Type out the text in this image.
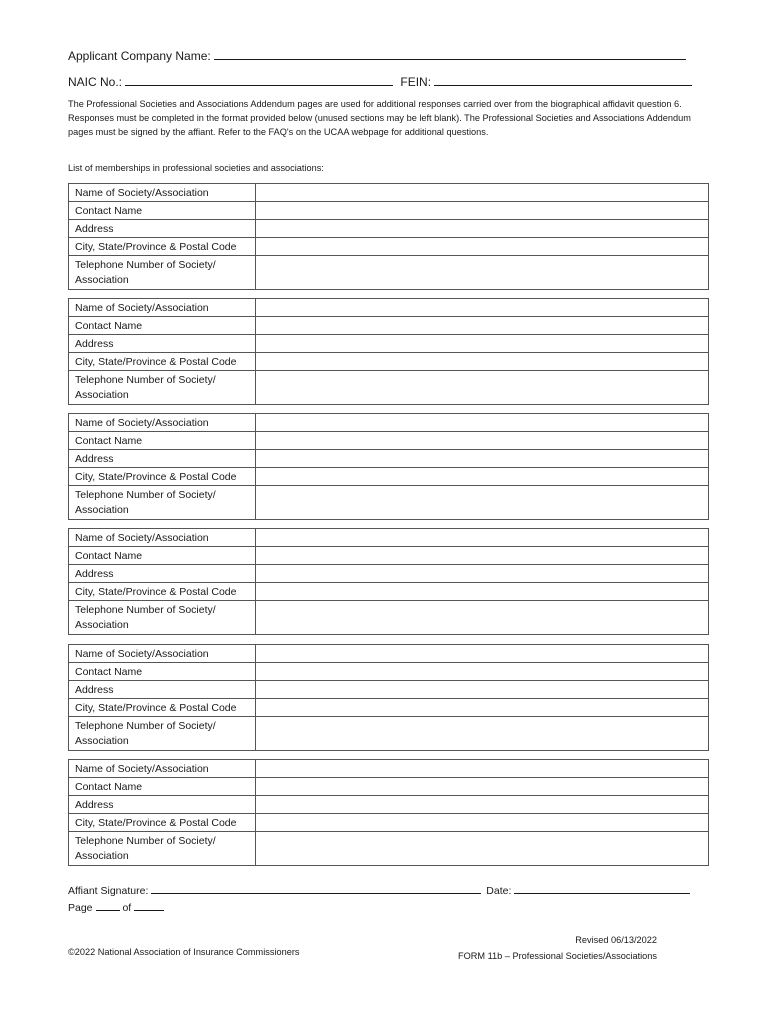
Applicant Company Name:
NAIC No.:	FEIN:
The Professional Societies and Associations Addendum pages are used for additional responses carried over from the biographical affidavit question 6. Responses must be completed in the format provided below (unused sections may be left blank). The Professional Societies and Associations Addendum pages must be signed by the affiant. Refer to the FAQ's on the UCAA webpage for additional questions.
List of memberships in professional societies and associations:
Name of Society/Association	
Contact Name	
Address	
City, State/Province & Postal Code	
Telephone Number of Society/
Association	
Name of Society/Association	
Contact Name	
Address	
City, State/Province & Postal Code	
Telephone Number of Society/
Association	
Name of Society/Association	
Contact Name	
Address	
City, State/Province & Postal Code	
Telephone Number of Society/
Association	
Name of Society/Association	
Contact Name	
Address	
City, State/Province & Postal Code	
Telephone Number of Society/
Association	
Name of Society/Association	
Contact Name	
Address	
City, State/Province & Postal Code	
Telephone Number of Society/
Association	
Name of Society/Association	
Contact Name	
Address	
City, State/Province & Postal Code	
Telephone Number of Society/
Association	
Affiant Signature:	Date:
Page	of
©2022 National Association of Insurance Commissioners
Revised 06/13/2022
FORM 11b – Professional Societies/Associations
